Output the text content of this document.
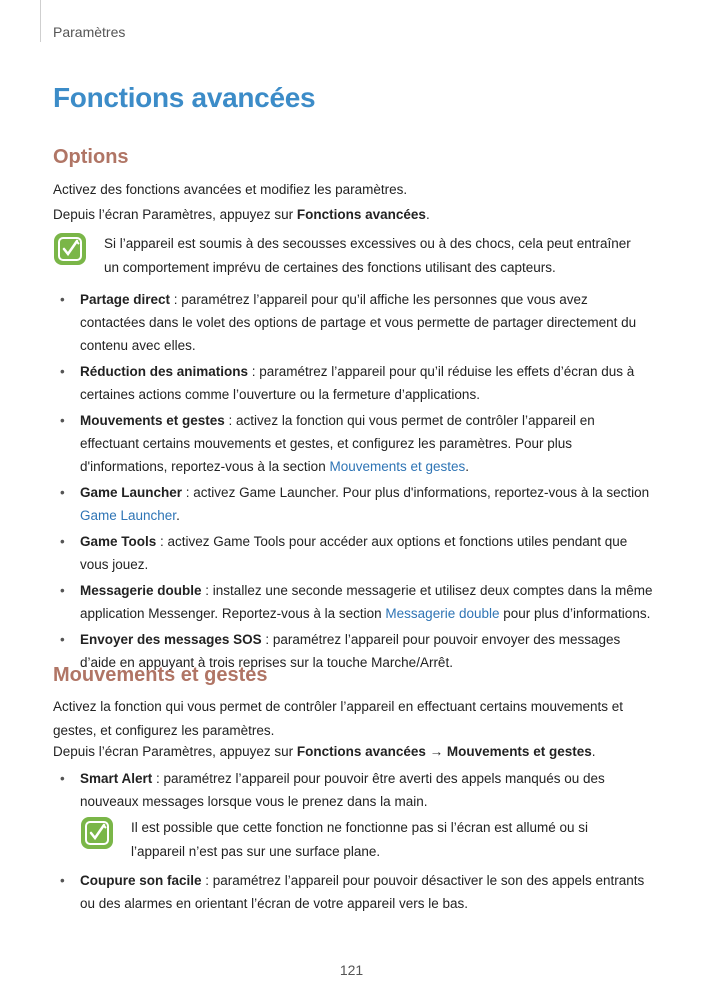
Paramètres
Fonctions avancées
Options
Activez des fonctions avancées et modifiez les paramètres.
Depuis l’écran Paramètres, appuyez sur Fonctions avancées.
Si l’appareil est soumis à des secousses excessives ou à des chocs, cela peut entraîner un comportement imprévu de certaines des fonctions utilisant des capteurs.
• Partage direct : paramétrez l’appareil pour qu’il affiche les personnes que vous avez contactées dans le volet des options de partage et vous permette de partager directement du contenu avec elles.
• Réduction des animations : paramétrez l’appareil pour qu’il réduise les effets d’écran dus à certaines actions comme l’ouverture ou la fermeture d’applications.
• Mouvements et gestes : activez la fonction qui vous permet de contrôler l’appareil en effectuant certains mouvements et gestes, et configurez les paramètres. Pour plus d'informations, reportez-vous à la section Mouvements et gestes.
• Game Launcher : activez Game Launcher. Pour plus d'informations, reportez-vous à la section Game Launcher.
• Game Tools : activez Game Tools pour accéder aux options et fonctions utiles pendant que vous jouez.
• Messagerie double : installez une seconde messagerie et utilisez deux comptes dans la même application Messenger. Reportez-vous à la section Messagerie double pour plus d’informations.
• Envoyer des messages SOS : paramétrez l’appareil pour pouvoir envoyer des messages d’aide en appuyant à trois reprises sur la touche Marche/Arrêt.
Mouvements et gestes
Activez la fonction qui vous permet de contrôler l’appareil en effectuant certains mouvements et gestes, et configurez les paramètres.
Depuis l’écran Paramètres, appuyez sur Fonctions avancées → Mouvements et gestes.
• Smart Alert : paramétrez l’appareil pour pouvoir être averti des appels manqués ou des nouveaux messages lorsque vous le prenez dans la main.
Il est possible que cette fonction ne fonctionne pas si l’écran est allumé ou si l’appareil n’est pas sur une surface plane.
• Coupure son facile : paramétrez l’appareil pour pouvoir désactiver le son des appels entrants ou des alarmes en orientant l’écran de votre appareil vers le bas.
121
